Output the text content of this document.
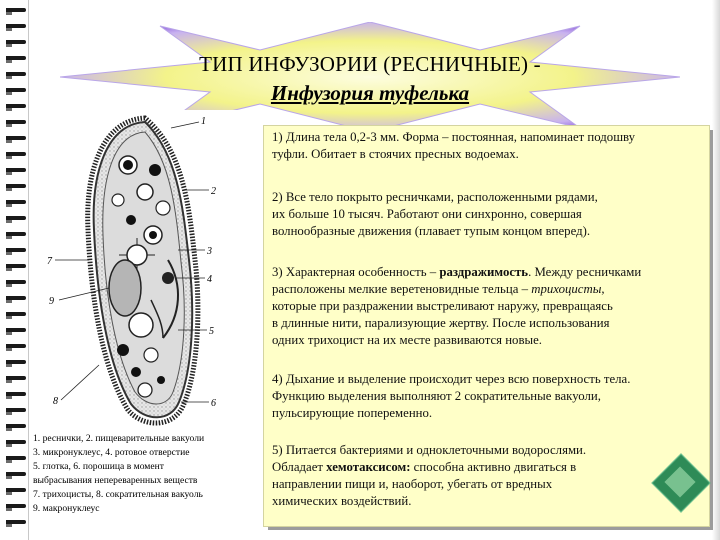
ТИП ИНФУЗОРИИ (РЕСНИЧНЫЕ) -
Инфузория туфелька
1
2
3
4
5
6
7
8
9
1. реснички, 2. пищеварительные вакуоли
3. микронуклеус, 4. ротовое отверстие
5. глотка, 6. порошица в момент
выбрасывания непереваренных веществ
7. трихоцисты, 8. сократительная вакуоль
9. макронуклеус
1) Длина тела 0,2-3 мм. Форма – постоянная, напоминает подошву
туфли. Обитает в стоячих пресных водоемах.
2) Все тело покрыто ресничками, расположенными рядами,
их больше 10 тысяч. Работают они синхронно, совершая
волнообразные движения (плавает тупым концом вперед).
3) Характерная особенность – раздражимость. Между ресничками
расположены мелкие веретеновидные тельца – трихоцисты,
которые при раздражении выстреливают наружу, превращаясь
в длинные нити, парализующие жертву. После использования
одних трихоцист на их месте развиваются новые.
4) Дыхание и выделение происходит через всю поверхность тела.
Функцию выделения выполняют 2 сократительные вакуоли,
пульсирующие попеременно.
5) Питается бактериями и одноклеточными водорослями.
Обладает хемотаксисом: способна активно двигаться в
направлении пищи и, наоборот, убегать от вредных
химических воздействий.
